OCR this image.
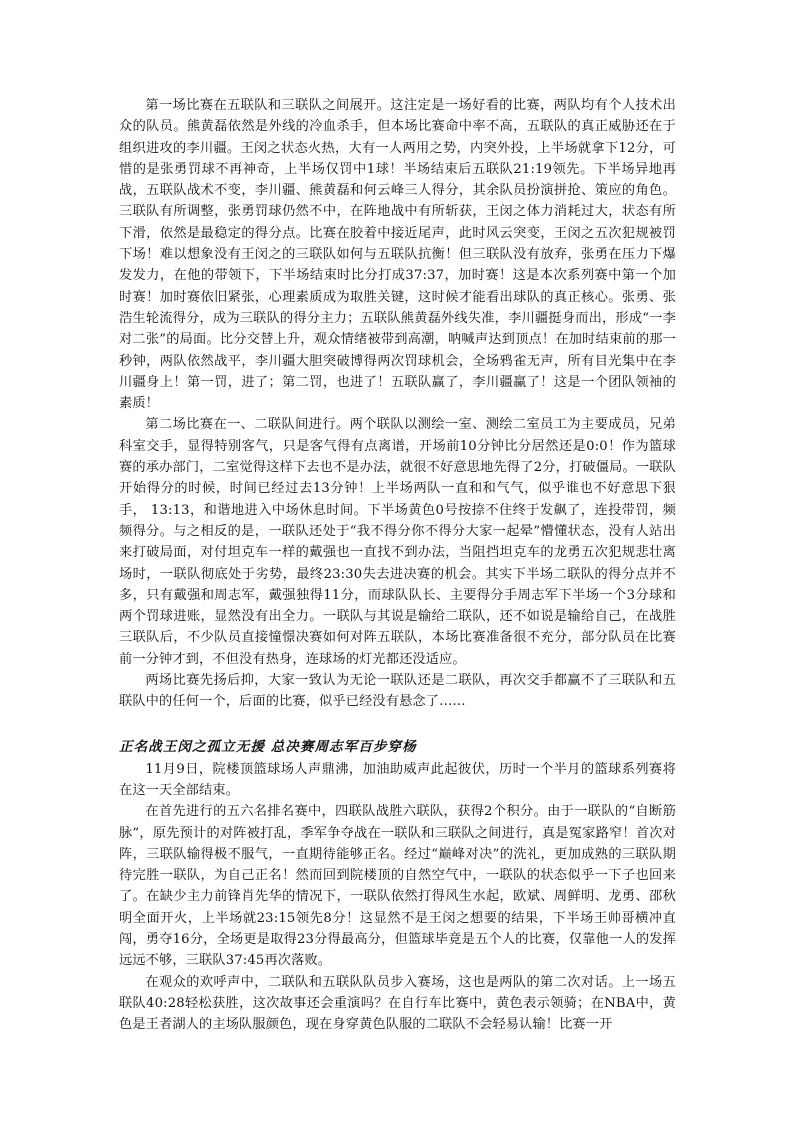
第一场比赛在五联队和三联队之间展开。这注定是一场好看的比赛，两队均有个人技术出众的队员。熊黄磊依然是外线的冷血杀手，但本场比赛命中率不高，五联队的真正威胁还在于组织进攻的李川疆。王闵之状态火热，大有一人两用之势，内突外投，上半场就拿下12分，可惜的是张勇罚球不再神奇，上半场仅罚中1球！半场结束后五联队21:19领先。下半场异地再战，五联队战术不变，李川疆、熊黄磊和何云峰三人得分，其余队员扮演拼抢、策应的角色。三联队有所调整，张勇罚球仍然不中，在阵地战中有所斩获，王闵之体力消耗过大，状态有所下滑，依然是最稳定的得分点。比赛在胶着中接近尾声，此时风云突变，王闵之五次犯规被罚下场！难以想象没有王闵之的三联队如何与五联队抗衡！但三联队没有放弃，张勇在压力下爆发发力，在他的带领下，下半场结束时比分打成37:37，加时赛！这是本次系列赛中第一个加时赛！加时赛依旧紧张，心理素质成为取胜关键，这时候才能看出球队的真正核心。张勇、张浩生轮流得分，成为三联队的得分主力；五联队熊黄磊外线失准，李川疆挺身而出，形成“一李对二张”的局面。比分交替上升，观众情绪被带到高潮，呐喊声达到顶点！在加时结束前的那一秒钟，两队依然战平，李川疆大胆突破博得两次罚球机会，全场鸦雀无声，所有目光集中在李川疆身上！第一罚，进了；第二罚，也进了！五联队赢了，李川疆赢了！这是一个团队领袖的素质！

第二场比赛在一、二联队间进行。两个联队以测绘一室、测绘二室员工为主要成员，兄弟科室交手，显得特别客气，只是客气得有点离谱，开场前10分钟比分居然还是0:0！作为篮球赛的承办部门，二室觉得这样下去也不是办法，就很不好意思地先得了2分，打破僵局。一联队开始得分的时候，时间已经过去13分钟！上半场两队一直和和气气，似乎谁也不好意思下狠手， 13:13，和谐地进入中场休息时间。下半场黄色0号按捺不住终于发飙了，连投带罚，频频得分。与之相反的是，一联队还处于“我不得分你不得分大家一起晕”懵懂状态，没有人站出来打破局面，对付坦克车一样的戴强也一直找不到办法，当阻挡坦克车的龙勇五次犯规悲壮离场时，一联队彻底处于劣势，最终23:30失去进决赛的机会。其实下半场二联队的得分点并不多，只有戴强和周志军，戴强独得11分，而球队队长、主要得分手周志军下半场一个3分球和两个罚球进账，显然没有出全力。一联队与其说是输给二联队，还不如说是输给自己，在战胜三联队后，不少队员直接憧憬决赛如何对阵五联队，本场比赛准备很不充分，部分队员在比赛前一分钟才到，不但没有热身，连球场的灯光都还没适应。

两场比赛先扬后抑，大家一致认为无论一联队还是二联队，再次交手都赢不了三联队和五联队中的任何一个，后面的比赛，似乎已经没有悬念了……

正名战王闵之孤立无援 总决赛周志军百步穿杨

11月9日，院楼顶篮球场人声鼎沸，加油助威声此起彼伏，历时一个半月的篮球系列赛将在这一天全部结束。

在首先进行的五六名排名赛中，四联队战胜六联队，获得2个积分。由于一联队的“自断筋脉”，原先预计的对阵被打乱，季军争夺战在一联队和三联队之间进行，真是冤家路窄！首次对阵，三联队输得极不服气，一直期待能够正名。经过“巅峰对决”的洗礼，更加成熟的三联队期待完胜一联队，为自己正名！然而回到院楼顶的自然空气中，一联队的状态似乎一下子也回来了。在缺少主力前锋肖先华的情况下，一联队依然打得风生水起，欧斌、周鲜明、龙勇、邵秋明全面开火，上半场就23:15领先8分！这显然不是王闵之想要的结果，下半场王帅哥横冲直闯，勇夺16分，全场更是取得23分得最高分，但篮球毕竟是五个人的比赛，仅靠他一人的发挥远远不够，三联队37:45再次落败。

在观众的欢呼声中，二联队和五联队队员步入赛场，这也是两队的第二次对话。上一场五联队40:28轻松获胜，这次故事还会重演吗？在自行车比赛中，黄色表示领骑；在NBA中，黄色是王者湖人的主场队服颜色，现在身穿黄色队服的二联队不会轻易认输！比赛一开
